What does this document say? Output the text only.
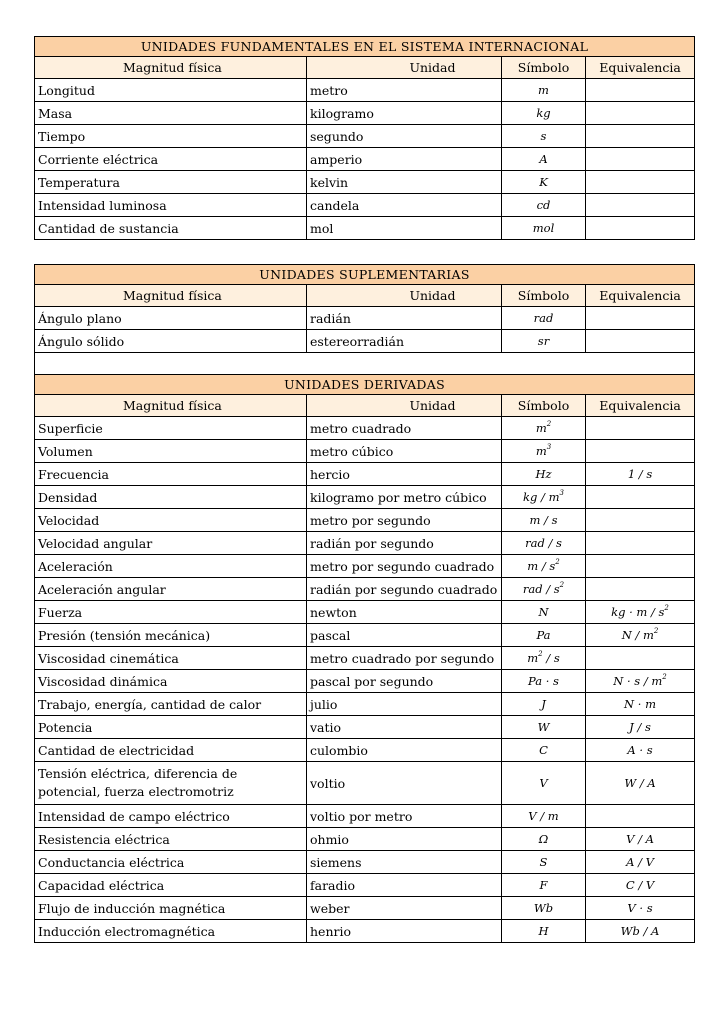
UNIDADES FUNDAMENTALES EN EL SISTEMA INTERNACIONAL			
Magnitud física	Unidad	Símbolo	Equivalencia
Longitud	metro	m	
Masa	kilogramo	kg	
Tiempo	segundo	s	
Corriente eléctrica	amperio	A	
Temperatura	kelvin	K	
Intensidad luminosa	candela	cd	
Cantidad de sustancia	mol	mol	
UNIDADES SUPLEMENTARIAS			
Magnitud física	Unidad	Símbolo	Equivalencia
Ángulo plano	radián	rad	
Ángulo sólido	estereorradián	sr	

UNIDADES DERIVADAS			
Magnitud física	Unidad	Símbolo	Equivalencia
Superficie	metro cuadrado	$m^2$	
Volumen	metro cúbico	$m^3$	
Frecuencia	hercio	Hz	1 / s
Densidad	kilogramo por metro cúbico	kg / $m^3$	
Velocidad	metro por segundo	m / s	
Velocidad angular	radián por segundo	rad / s	
Aceleración	metro por segundo cuadrado	m / $s^2$	
Aceleración angular	radián por segundo cuadrado	rad / $s^2$	
Fuerza	newton	N	kg · m / $s^2$
Presión (tensión mecánica)	pascal	Pa	N / $m^2$
Viscosidad cinemática	metro cuadrado por segundo	$m^2$ / s	
Viscosidad dinámica	pascal por segundo	Pa · s	$N \cdot s / m^2$
Trabajo, energía, cantidad de calor	julio	J	N · m
Potencia	vatio	W	J / s
Cantidad de electricidad	culombio	C	A · s
Tensión eléctrica, diferencia de potencial, fuerza electromotriz	voltio	V	W / A
Intensidad de campo eléctrico	voltio por metro	V / m	
Resistencia eléctrica	ohmio	Ω	V / A
Conductancia eléctrica	siemens	S	A / V
Capacidad eléctrica	faradio	F	C / V
Flujo de inducción magnética	weber	Wb	V · s
Inducción electromagnética	henrio	H	Wb / A
